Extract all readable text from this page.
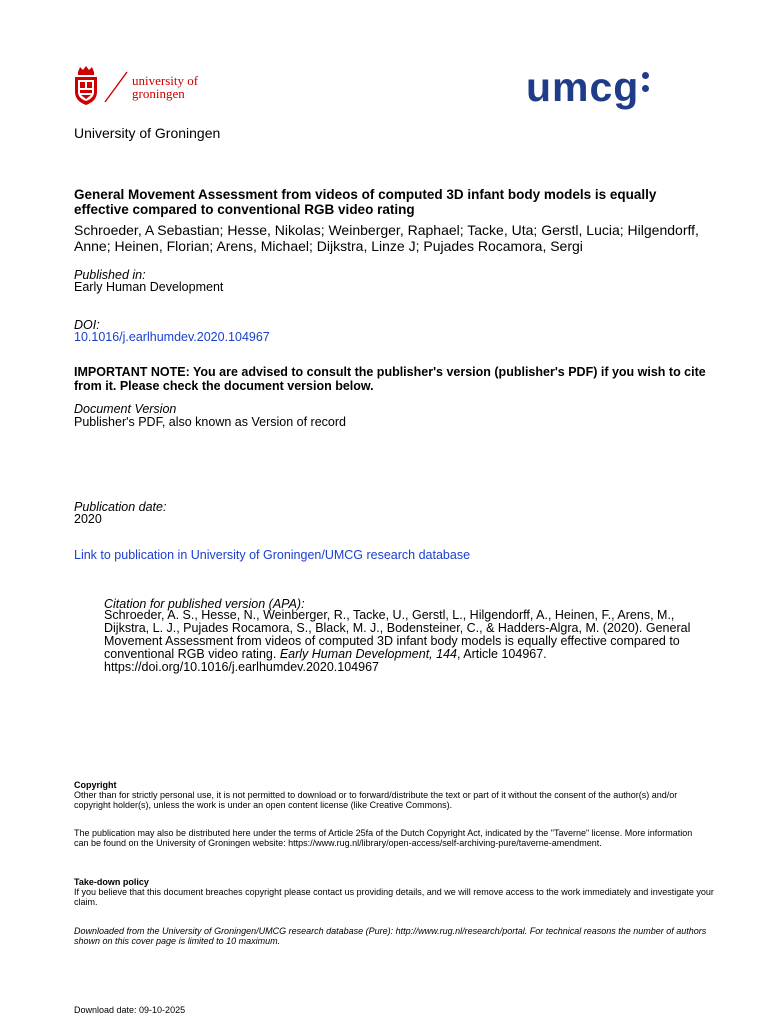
university of
groningen	umcg
University of Groningen
General Movement Assessment from videos of computed 3D infant body models is equally effective compared to conventional RGB video rating
Schroeder, A Sebastian; Hesse, Nikolas; Weinberger, Raphael; Tacke, Uta; Gerstl, Lucia; Hilgendorff, Anne; Heinen, Florian; Arens, Michael; Dijkstra, Linze J; Pujades Rocamora, Sergi
Published in:
Early Human Development
DOI:
10.1016/j.earlhumdev.2020.104967
IMPORTANT NOTE: You are advised to consult the publisher's version (publisher's PDF) if you wish to cite from it. Please check the document version below.
Document Version
Publisher's PDF, also known as Version of record
Publication date:
2020
Link to publication in University of Groningen/UMCG research database
Citation for published version (APA):
Schroeder, A. S., Hesse, N., Weinberger, R., Tacke, U., Gerstl, L., Hilgendorff, A., Heinen, F., Arens, M., Dijkstra, L. J., Pujades Rocamora, S., Black, M. J., Bodensteiner, C., & Hadders-Algra, M. (2020). General Movement Assessment from videos of computed 3D infant body models is equally effective compared to conventional RGB video rating. Early Human Development, 144, Article 104967. https://doi.org/10.1016/j.earlhumdev.2020.104967
Copyright
Other than for strictly personal use, it is not permitted to download or to forward/distribute the text or part of it without the consent of the author(s) and/or copyright holder(s), unless the work is under an open content license (like Creative Commons).
The publication may also be distributed here under the terms of Article 25fa of the Dutch Copyright Act, indicated by the "Taverne" license. More information can be found on the University of Groningen website: https://www.rug.nl/library/open-access/self-archiving-pure/taverne-amendment.
Take-down policy
If you believe that this document breaches copyright please contact us providing details, and we will remove access to the work immediately and investigate your claim.
Downloaded from the University of Groningen/UMCG research database (Pure): http://www.rug.nl/research/portal. For technical reasons the number of authors shown on this cover page is limited to 10 maximum.
Download date: 09-10-2025
